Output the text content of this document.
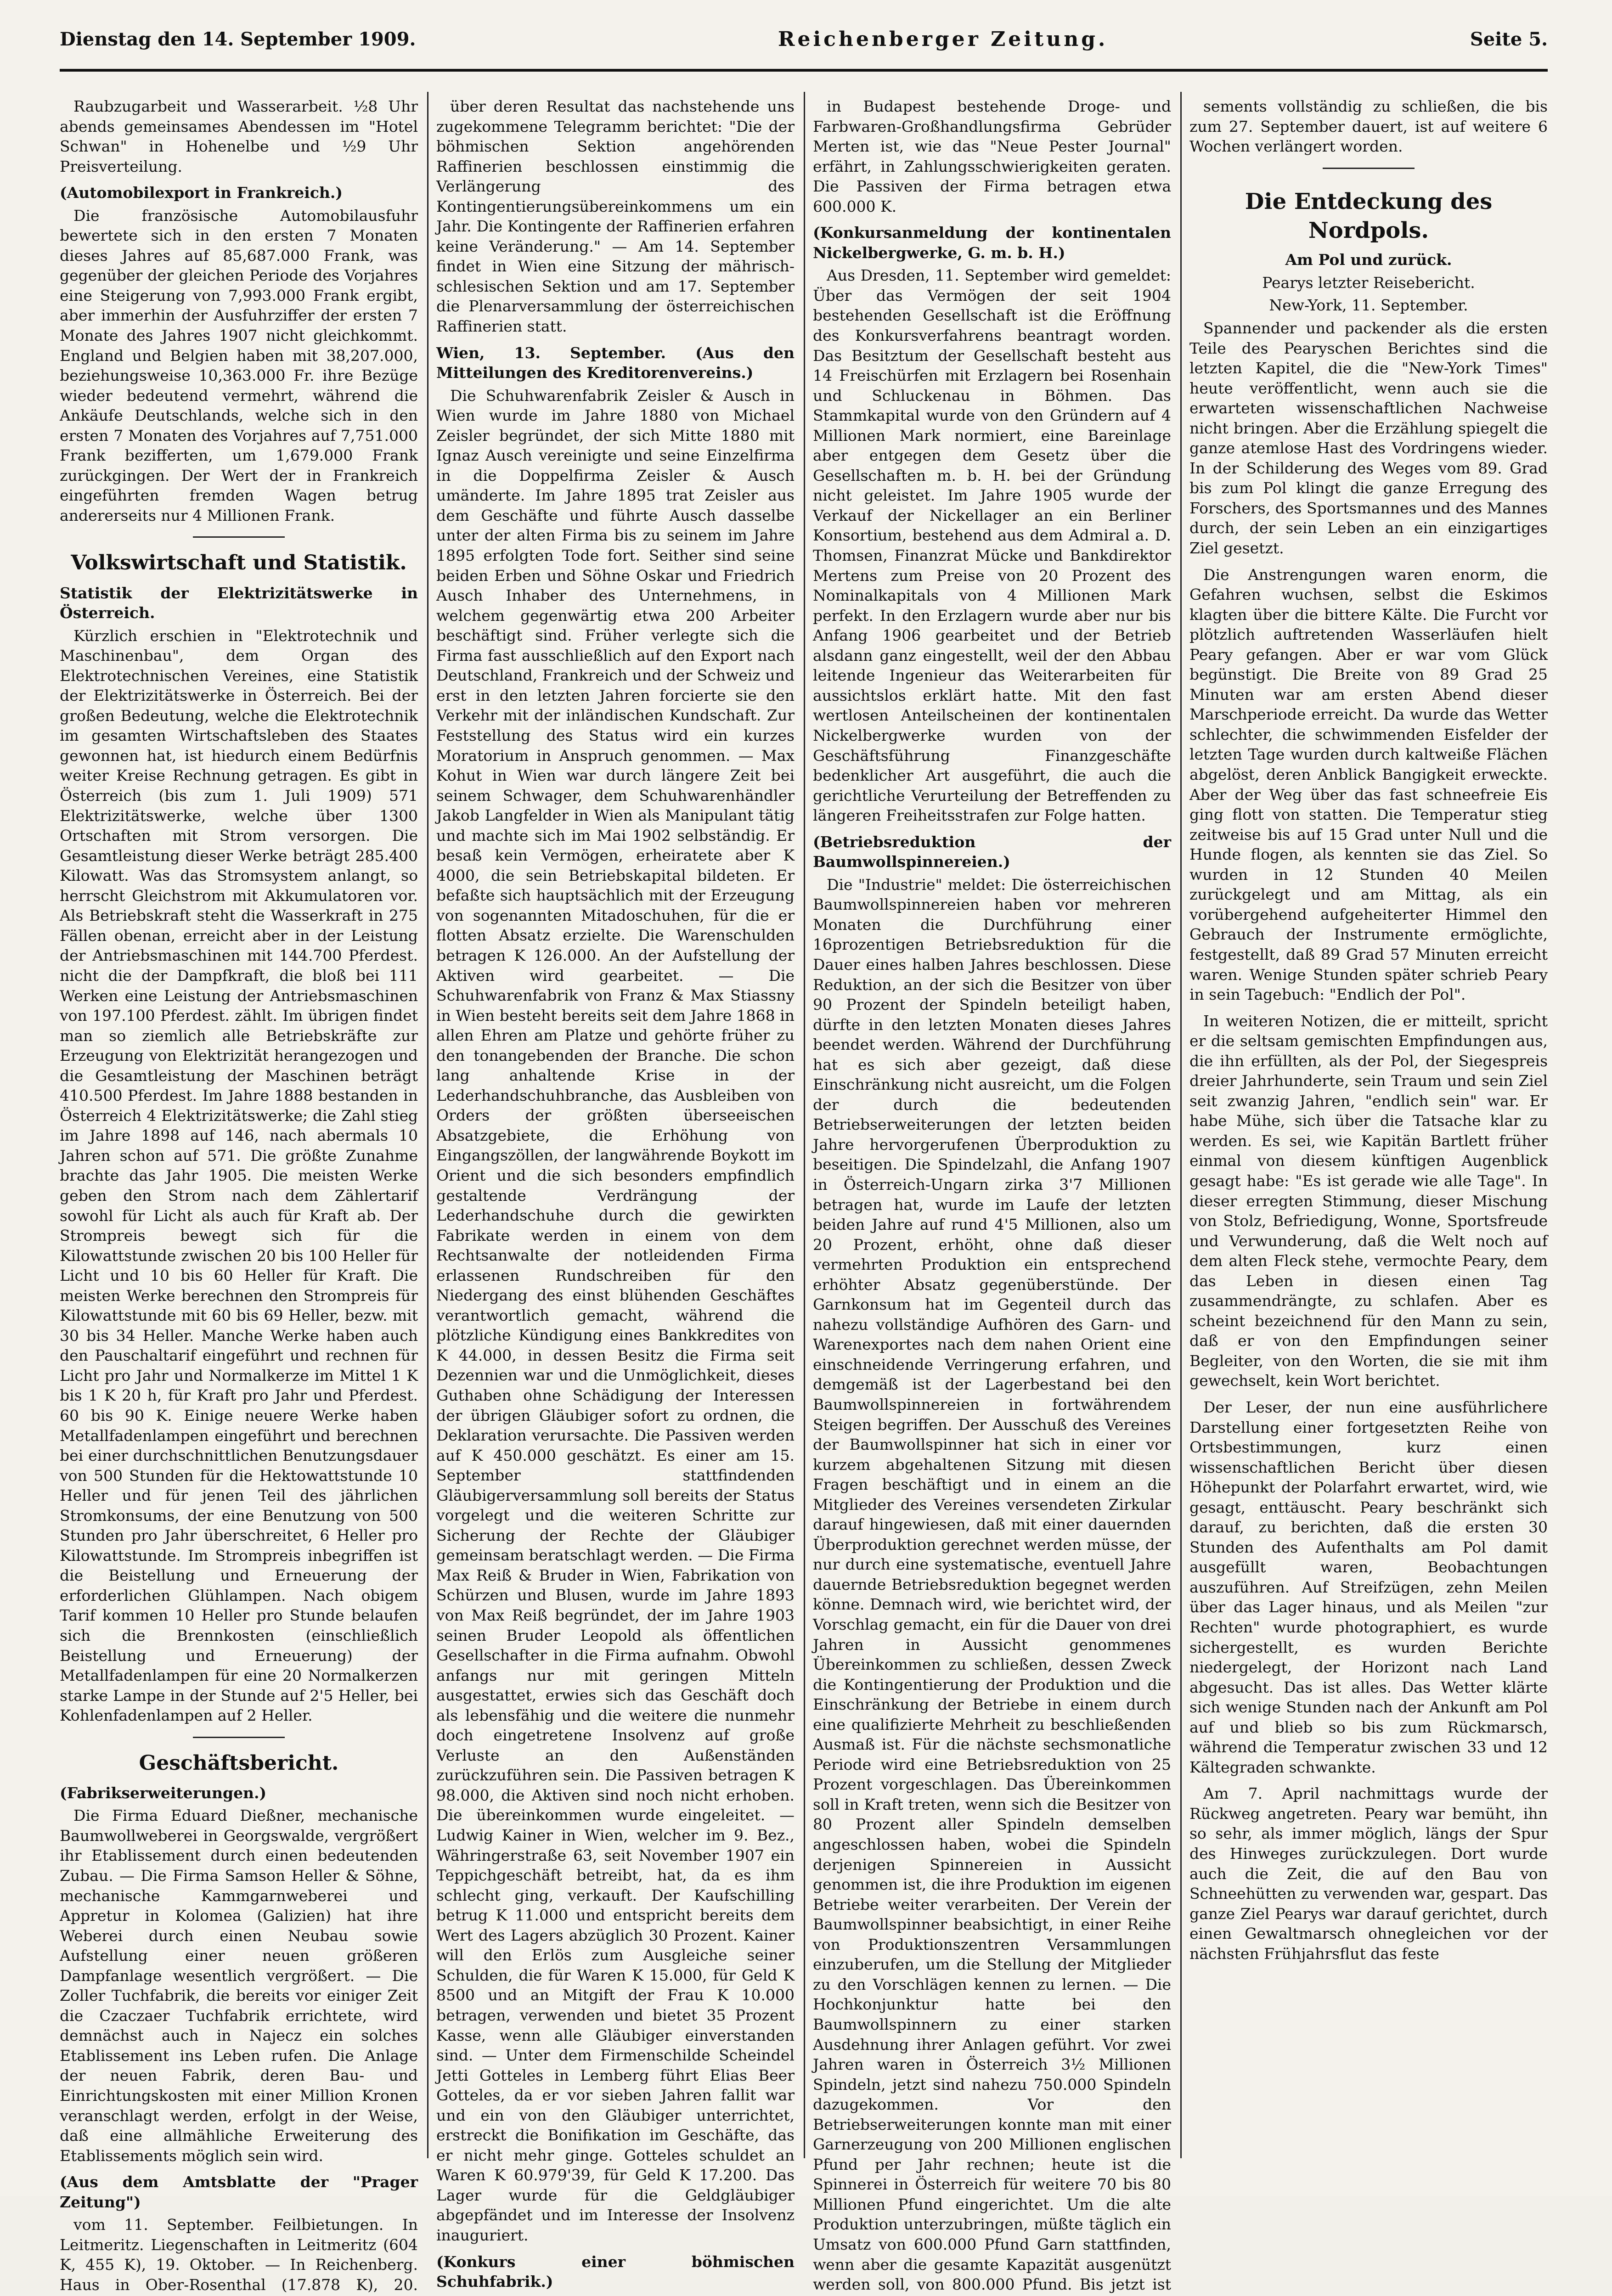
Dienstag den 14. September 1909.	Reichenberger Zeitung.	Seite 5.

Raubzugarbeit und Wasserarbeit. ½8 Uhr abends gemeinsames Abendessen im "Hotel Schwan" in Hohenelbe und ½9 Uhr Preisverteilung.

(Automobilexport in Frankreich.)

Die französische Automobilausfuhr bewertete sich in den ersten 7 Monaten dieses Jahres auf 85,687.000 Frank, was gegenüber der gleichen Periode des Vorjahres eine Steigerung von 7,993.000 Frank ergibt, aber immerhin der Ausfuhrziffer der ersten 7 Monate des Jahres 1907 nicht gleichkommt. England und Belgien haben mit 38,207.000, beziehungsweise 10,363.000 Fr. ihre Bezüge wieder bedeutend vermehrt, während die Ankäufe Deutschlands, welche sich in den ersten 7 Monaten des Vorjahres auf 7,751.000 Frank bezifferten, um 1,679.000 Frank zurückgingen. Der Wert der in Frankreich eingeführten fremden Wagen betrug andererseits nur 4 Millionen Frank.

Volkswirtschaft und Statistik.

Statistik der Elektrizitätswerke in Österreich.

Kürzlich erschien in "Elektrotechnik und Maschinenbau", dem Organ des Elektrotechnischen Vereines, eine Statistik der Elektrizitätswerke in Österreich. Bei der großen Bedeutung, welche die Elektrotechnik im gesamten Wirtschaftsleben des Staates gewonnen hat, ist hiedurch einem Bedürfnis weiter Kreise Rechnung getragen. Es gibt in Österreich (bis zum 1. Juli 1909) 571 Elektrizitätswerke, welche über 1300 Ortschaften mit Strom versorgen. Die Gesamtleistung dieser Werke beträgt 285.400 Kilowatt. Was das Stromsystem anlangt, so herrscht Gleichstrom mit Akkumulatoren vor. Als Betriebskraft steht die Wasserkraft in 275 Fällen obenan, erreicht aber in der Leistung der Antriebsmaschinen mit 144.700 Pferdest. nicht die der Dampfkraft, die bloß bei 111 Werken eine Leistung der Antriebsmaschinen von 197.100 Pferdest. zählt. Im übrigen findet man so ziemlich alle Betriebskräfte zur Erzeugung von Elektrizität herangezogen und die Gesamtleistung der Maschinen beträgt 410.500 Pferdest. Im Jahre 1888 bestanden in Österreich 4 Elektrizitätswerke; die Zahl stieg im Jahre 1898 auf 146, nach abermals 10 Jahren schon auf 571. Die größte Zunahme brachte das Jahr 1905. Die meisten Werke geben den Strom nach dem Zählertarif sowohl für Licht als auch für Kraft ab. Der Strompreis bewegt sich für die Kilowattstunde zwischen 20 bis 100 Heller für Licht und 10 bis 60 Heller für Kraft. Die meisten Werke berechnen den Strompreis für Kilowattstunde mit 60 bis 69 Heller, bezw. mit 30 bis 34 Heller. Manche Werke haben auch den Pauschaltarif eingeführt und rechnen für Licht pro Jahr und Normalkerze im Mittel 1 K bis 1 K 20 h, für Kraft pro Jahr und Pferdest. 60 bis 90 K. Einige neuere Werke haben Metallfadenlampen eingeführt und berechnen bei einer durchschnittlichen Benutzungsdauer von 500 Stunden für die Hektowattstunde 10 Heller und für jenen Teil des jährlichen Stromkonsums, der eine Benutzung von 500 Stunden pro Jahr überschreitet, 6 Heller pro Kilowattstunde. Im Strompreis inbegriffen ist die Beistellung und Erneuerung der erforderlichen Glühlampen. Nach obigem Tarif kommen 10 Heller pro Stunde belaufen sich die Brennkosten (einschließlich Beistellung und Erneuerung) der Metallfadenlampen für eine 20 Normalkerzen starke Lampe in der Stunde auf 2'5 Heller, bei Kohlenfadenlampen auf 2 Heller.

Geschäftsbericht.

(Fabrikserweiterungen.)

Die Firma Eduard Dießner, mechanische Baumwollweberei in Georgswalde, vergrößert ihr Etablissement durch einen bedeutenden Zubau. — Die Firma Samson Heller & Söhne, mechanische Kammgarnweberei und Appretur in Kolomea (Galizien) hat ihre Weberei durch einen Neubau sowie Aufstellung einer neuen größeren Dampfanlage wesentlich vergrößert. — Die Zoller Tuchfabrik, die bereits vor einiger Zeit die Czaczaer Tuchfabrik errichtete, wird demnächst auch in Najecz ein solches Etablissement ins Leben rufen. Die Anlage der neuen Fabrik, deren Bau- und Einrichtungskosten mit einer Million Kronen veranschlagt werden, erfolgt in der Weise, daß eine allmähliche Erweiterung des Etablissements möglich sein wird.

(Aus dem Amtsblatte der "Prager Zeitung")

vom 11. September. Feilbietungen. In Leitmeritz. Liegenschaften in Leitmeritz (604 K, 455 K), 19. Oktober. — In Reichenberg. Haus in Ober-Rosenthal (17.878 K), 20.

über deren Resultat das nachstehende uns zugekommene Telegramm berichtet: "Die der böhmischen Sektion angehörenden Raffinerien beschlossen einstimmig die Verlängerung des Kontingentierungsübereinkommens um ein Jahr. Die Kontingente der Raffinerien erfahren keine Veränderung." — Am 14. September findet in Wien eine Sitzung der mährisch-schlesischen Sektion und am 17. September die Plenarversammlung der österreichischen Raffinerien statt.

Wien, 13. September. (Aus den Mitteilungen des Kreditorenvereins.)

Die Schuhwarenfabrik Zeisler & Ausch in Wien wurde im Jahre 1880 von Michael Zeisler begründet, der sich Mitte 1880 mit Ignaz Ausch vereinigte und seine Einzelfirma in die Doppelfirma Zeisler & Ausch umänderte. Im Jahre 1895 trat Zeisler aus dem Geschäfte und führte Ausch dasselbe unter der alten Firma bis zu seinem im Jahre 1895 erfolgten Tode fort. Seither sind seine beiden Erben und Söhne Oskar und Friedrich Ausch Inhaber des Unternehmens, in welchem gegenwärtig etwa 200 Arbeiter beschäftigt sind. Früher verlegte sich die Firma fast ausschließlich auf den Export nach Deutschland, Frankreich und der Schweiz und erst in den letzten Jahren forcierte sie den Verkehr mit der inländischen Kundschaft. Zur Feststellung des Status wird ein kurzes Moratorium in Anspruch genommen. — Max Kohut in Wien war durch längere Zeit bei seinem Schwager, dem Schuhwarenhändler Jakob Langfelder in Wien als Manipulant tätig und machte sich im Mai 1902 selbständig. Er besaß kein Vermögen, erheiratete aber K 4000, die sein Betriebskapital bildeten. Er befaßte sich hauptsächlich mit der Erzeugung von sogenannten Mitadoschuhen, für die er flotten Absatz erzielte. Die Warenschulden betragen K 126.000. An der Aufstellung der Aktiven wird gearbeitet. — Die Schuhwarenfabrik von Franz & Max Stiassny in Wien besteht bereits seit dem Jahre 1868 in allen Ehren am Platze und gehörte früher zu den tonangebenden der Branche. Die schon lang anhaltende Krise in der Lederhandschuhbranche, das Ausbleiben von Orders der größten überseeischen Absatzgebiete, die Erhöhung von Eingangszöllen, der langwährende Boykott im Orient und die sich besonders empfindlich gestaltende Verdrängung der Lederhandschuhe durch die gewirkten Fabrikate werden in einem von dem Rechtsanwalte der notleidenden Firma erlassenen Rundschreiben für den Niedergang des einst blühenden Geschäftes verantwortlich gemacht, während die plötzliche Kündigung eines Bankkredites von K 44.000, in dessen Besitz die Firma seit Dezennien war und die Unmöglichkeit, dieses Guthaben ohne Schädigung der Interessen der übrigen Gläubiger sofort zu ordnen, die Deklaration verursachte. Die Passiven werden auf K 450.000 geschätzt. Es einer am 15. September stattfindenden Gläubigerversammlung soll bereits der Status vorgelegt und die weiteren Schritte zur Sicherung der Rechte der Gläubiger gemeinsam beratschlagt werden. — Die Firma Max Reiß & Bruder in Wien, Fabrikation von Schürzen und Blusen, wurde im Jahre 1893 von Max Reiß begründet, der im Jahre 1903 seinen Bruder Leopold als öffentlichen Gesellschafter in die Firma aufnahm. Obwohl anfangs nur mit geringen Mitteln ausgestattet, erwies sich das Geschäft doch als lebensfähig und die weitere die nunmehr doch eingetretene Insolvenz auf große Verluste an den Außenständen zurückzuführen sein. Die Passiven betragen K 98.000, die Aktiven sind noch nicht erhoben. Die übereinkommen wurde eingeleitet. — Ludwig Kainer in Wien, welcher im 9. Bez., Währingerstraße 63, seit November 1907 ein Teppichgeschäft betreibt, hat, da es ihm schlecht ging, verkauft. Der Kaufschilling betrug K 11.000 und entspricht bereits dem Wert des Lagers abzüglich 30 Prozent. Kainer will den Erlös zum Ausgleiche seiner Schulden, die für Waren K 15.000, für Geld K 8500 und an Mitgift der Frau K 10.000 betragen, verwenden und bietet 35 Prozent Kasse, wenn alle Gläubiger einverstanden sind. — Unter dem Firmenschilde Scheindel Jetti Gotteles in Lemberg führt Elias Beer Gotteles, da er vor sieben Jahren fallit war und ein von den Gläubiger unterrichtet, erstreckt die Bonifikation im Geschäfte, das er nicht mehr ginge. Gotteles schuldet an Waren K 60.979'39, für Geld K 17.200. Das Lager wurde für die Geldgläubiger abgepfändet und im Interesse der Insolvenz inauguriert.

(Konkurs einer böhmischen Schuhfabrik.)

in Budapest bestehende Droge- und Farbwaren-Großhandlungsfirma Gebrüder Merten ist, wie das "Neue Pester Journal" erfährt, in Zahlungsschwierigkeiten geraten. Die Passiven der Firma betragen etwa 600.000 K.

(Konkursanmeldung der kontinentalen Nickelbergwerke, G. m. b. H.)

Aus Dresden, 11. September wird gemeldet: Über das Vermögen der seit 1904 bestehenden Gesellschaft ist die Eröffnung des Konkursverfahrens beantragt worden. Das Besitztum der Gesellschaft besteht aus 14 Freischürfen mit Erzlagern bei Rosenhain und Schluckenau in Böhmen. Das Stammkapital wurde von den Gründern auf 4 Millionen Mark normiert, eine Bareinlage aber entgegen dem Gesetz über die Gesellschaften m. b. H. bei der Gründung nicht geleistet. Im Jahre 1905 wurde der Verkauf der Nickellager an ein Berliner Konsortium, bestehend aus dem Admiral a. D. Thomsen, Finanzrat Mücke und Bankdirektor Mertens zum Preise von 20 Prozent des Nominalkapitals von 4 Millionen Mark perfekt. In den Erzlagern wurde aber nur bis Anfang 1906 gearbeitet und der Betrieb alsdann ganz eingestellt, weil der den Abbau leitende Ingenieur das Weiterarbeiten für aussichtslos erklärt hatte. Mit den fast wertlosen Anteilscheinen der kontinentalen Nickelbergwerke wurden von der Geschäftsführung Finanzgeschäfte bedenklicher Art ausgeführt, die auch die gerichtliche Verurteilung der Betreffenden zu längeren Freiheitsstrafen zur Folge hatten.

(Betriebsreduktion der Baumwollspinnereien.)

Die "Industrie" meldet: Die österreichischen Baumwollspinnereien haben vor mehreren Monaten die Durchführung einer 16prozentigen Betriebsreduktion für die Dauer eines halben Jahres beschlossen. Diese Reduktion, an der sich die Besitzer von über 90 Prozent der Spindeln beteiligt haben, dürfte in den letzten Monaten dieses Jahres beendet werden. Während der Durchführung hat es sich aber gezeigt, daß diese Einschränkung nicht ausreicht, um die Folgen der durch die bedeutenden Betriebserweiterungen der letzten beiden Jahre hervorgerufenen Überproduktion zu beseitigen. Die Spindelzahl, die Anfang 1907 in Österreich-Ungarn zirka 3'7 Millionen betragen hat, wurde im Laufe der letzten beiden Jahre auf rund 4'5 Millionen, also um 20 Prozent, erhöht, ohne daß dieser vermehrten Produktion ein entsprechend erhöhter Absatz gegenüberstünde. Der Garnkonsum hat im Gegenteil durch das nahezu vollständige Aufhören des Garn- und Warenexportes nach dem nahen Orient eine einschneidende Verringerung erfahren, und demgemäß ist der Lagerbestand bei den Baumwollspinnereien in fortwährendem Steigen begriffen. Der Ausschuß des Vereines der Baumwollspinner hat sich in einer vor kurzem abgehaltenen Sitzung mit diesen Fragen beschäftigt und in einem an die Mitglieder des Vereines versendeten Zirkular darauf hingewiesen, daß mit einer dauernden Überproduktion gerechnet werden müsse, der nur durch eine systematische, eventuell Jahre dauernde Betriebsreduktion begegnet werden könne. Demnach wird, wie berichtet wird, der Vorschlag gemacht, ein für die Dauer von drei Jahren in Aussicht genommenes Übereinkommen zu schließen, dessen Zweck die Kontingentierung der Produktion und die Einschränkung der Betriebe in einem durch eine qualifizierte Mehrheit zu beschließenden Ausmaß ist. Für die nächste sechsmonatliche Periode wird eine Betriebsreduktion von 25 Prozent vorgeschlagen. Das Übereinkommen soll in Kraft treten, wenn sich die Besitzer von 80 Prozent aller Spindeln demselben angeschlossen haben, wobei die Spindeln derjenigen Spinnereien in Aussicht genommen ist, die ihre Produktion im eigenen Betriebe weiter verarbeiten. Der Verein der Baumwollspinner beabsichtigt, in einer Reihe von Produktionszentren Versammlungen einzuberufen, um die Stellung der Mitglieder zu den Vorschlägen kennen zu lernen. — Die Hochkonjunktur hatte bei den Baumwollspinnern zu einer starken Ausdehnung ihrer Anlagen geführt. Vor zwei Jahren waren in Österreich 3½ Millionen Spindeln, jetzt sind nahezu 750.000 Spindeln dazugekommen. Vor den Betriebserweiterungen konnte man mit einer Garnerzeugung von 200 Millionen englischen Pfund per Jahr rechnen; heute ist die Spinnerei in Österreich für weitere 70 bis 80 Millionen Pfund eingerichtet. Um die alte Produktion unterzubringen, müßte täglich ein Umsatz von 600.000 Pfund Garn stattfinden, wenn aber die gesamte Kapazität ausgenützt werden soll, von 800.000 Pfund. Bis jetzt ist

sements vollständig zu schließen, die bis zum 27. September dauert, ist auf weitere 6 Wochen verlängert worden.

Die Entdeckung des Nordpols.

Am Pol und zurück.

Pearys letzter Reisebericht.

New-York, 11. September.

Spannender und packender als die ersten Teile des Pearyschen Berichtes sind die letzten Kapitel, die die "New-York Times" heute veröffentlicht, wenn auch sie die erwarteten wissenschaftlichen Nachweise nicht bringen. Aber die Erzählung spiegelt die ganze atemlose Hast des Vordringens wieder. In der Schilderung des Weges vom 89. Grad bis zum Pol klingt die ganze Erregung des Forschers, des Sportsmannes und des Mannes durch, der sein Leben an ein einzigartiges Ziel gesetzt.

Die Anstrengungen waren enorm, die Gefahren wuchsen, selbst die Eskimos klagten über die bittere Kälte. Die Furcht vor plötzlich auftretenden Wasserläufen hielt Peary gefangen. Aber er war vom Glück begünstigt. Die Breite von 89 Grad 25 Minuten war am ersten Abend dieser Marschperiode erreicht. Da wurde das Wetter schlechter, die schwimmenden Eisfelder der letzten Tage wurden durch kaltweiße Flächen abgelöst, deren Anblick Bangigkeit erweckte. Aber der Weg über das fast schneefreie Eis ging flott von statten. Die Temperatur stieg zeitweise bis auf 15 Grad unter Null und die Hunde flogen, als kennten sie das Ziel. So wurden in 12 Stunden 40 Meilen zurückgelegt und am Mittag, als ein vorübergehend aufgeheiterter Himmel den Gebrauch der Instrumente ermöglichte, festgestellt, daß 89 Grad 57 Minuten erreicht waren. Wenige Stunden später schrieb Peary in sein Tagebuch: "Endlich der Pol".

In weiteren Notizen, die er mitteilt, spricht er die seltsam gemischten Empfindungen aus, die ihn erfüllten, als der Pol, der Siegespreis dreier Jahrhunderte, sein Traum und sein Ziel seit zwanzig Jahren, "endlich sein" war. Er habe Mühe, sich über die Tatsache klar zu werden. Es sei, wie Kapitän Bartlett früher einmal von diesem künftigen Augenblick gesagt habe: "Es ist gerade wie alle Tage". In dieser erregten Stimmung, dieser Mischung von Stolz, Befriedigung, Wonne, Sportsfreude und Verwunderung, daß die Welt noch auf dem alten Fleck stehe, vermochte Peary, dem das Leben in diesen einen Tag zusammendrängte, zu schlafen. Aber es scheint bezeichnend für den Mann zu sein, daß er von den Empfindungen seiner Begleiter, von den Worten, die sie mit ihm gewechselt, kein Wort berichtet.

Der Leser, der nun eine ausführlichere Darstellung einer fortgesetzten Reihe von Ortsbestimmungen, kurz einen wissenschaftlichen Bericht über diesen Höhepunkt der Polarfahrt erwartet, wird, wie gesagt, enttäuscht. Peary beschränkt sich darauf, zu berichten, daß die ersten 30 Stunden des Aufenthalts am Pol damit ausgefüllt waren, Beobachtungen auszuführen. Auf Streifzügen, zehn Meilen über das Lager hinaus, und als Meilen "zur Rechten" wurde photographiert, es wurde sichergestellt, es wurden Berichte niedergelegt, der Horizont nach Land abgesucht. Das ist alles. Das Wetter klärte sich wenige Stunden nach der Ankunft am Pol auf und blieb so bis zum Rückmarsch, während die Temperatur zwischen 33 und 12 Kältegraden schwankte.

Am 7. April nachmittags wurde der Rückweg angetreten. Peary war bemüht, ihn so sehr, als immer möglich, längs der Spur des Hinweges zurückzulegen. Dort wurde auch die Zeit, die auf den Bau von Schneehütten zu verwenden war, gespart. Das ganze Ziel Pearys war darauf gerichtet, durch einen Gewaltmarsch ohnegleichen vor der nächsten Frühjahrsflut das feste
